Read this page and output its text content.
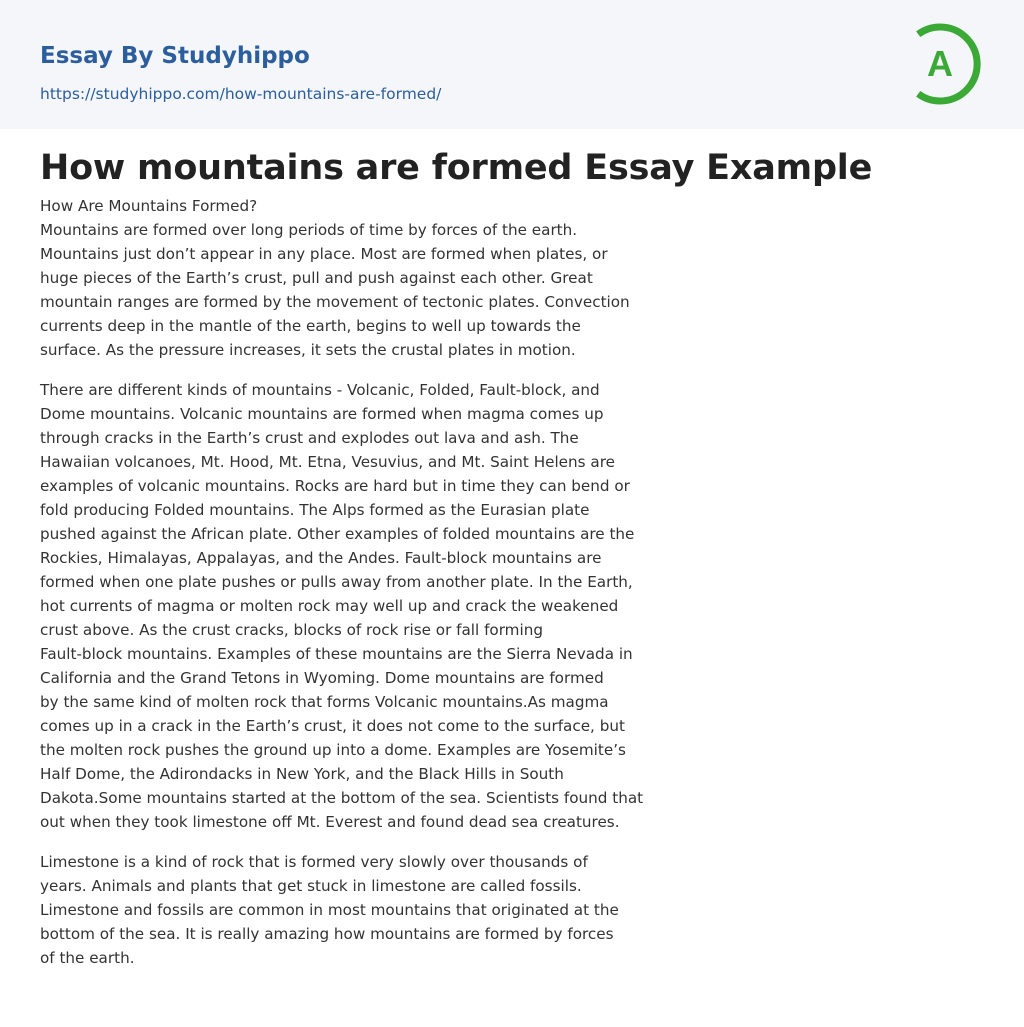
Essay By Studyhippo
https://studyhippo.com/how-mountains-are-formed/
A
How mountains are formed Essay Example

How Are Mountains Formed?
Mountains are formed over long periods of time by forces of the earth.
Mountains just don’t appear in any place. Most are formed when plates, or
huge pieces of the Earth’s crust, pull and push against each other. Great
mountain ranges are formed by the movement of tectonic plates. Convection
currents deep in the mantle of the earth, begins to well up towards the
surface. As the pressure increases, it sets the crustal plates in motion.

There are different kinds of mountains - Volcanic, Folded, Fault-block, and
Dome mountains. Volcanic mountains are formed when magma comes up
through cracks in the Earth’s crust and explodes out lava and ash. The
Hawaiian volcanoes, Mt. Hood, Mt. Etna, Vesuvius, and Mt. Saint Helens are
examples of volcanic mountains. Rocks are hard but in time they can bend or
fold producing Folded mountains. The Alps formed as the Eurasian plate
pushed against the African plate. Other examples of folded mountains are the
Rockies, Himalayas, Appalayas, and the Andes. Fault-block mountains are
formed when one plate pushes or pulls away from another plate. In the Earth,
hot currents of magma or molten rock may well up and crack the weakened
crust above. As the crust cracks, blocks of rock rise or fall forming
Fault-block mountains. Examples of these mountains are the Sierra Nevada in
California and the Grand Tetons in Wyoming. Dome mountains are formed
by the same kind of molten rock that forms Volcanic mountains.As magma
comes up in a crack in the Earth’s crust, it does not come to the surface, but
the molten rock pushes the ground up into a dome. Examples are Yosemite’s
Half Dome, the Adirondacks in New York, and the Black Hills in South
Dakota.Some mountains started at the bottom of the sea. Scientists found that
out when they took limestone off Mt. Everest and found dead sea creatures.

Limestone is a kind of rock that is formed very slowly over thousands of
years. Animals and plants that get stuck in limestone are called fossils.
Limestone and fossils are common in most mountains that originated at the
bottom of the sea. It is really amazing how mountains are formed by forces
of the earth.
